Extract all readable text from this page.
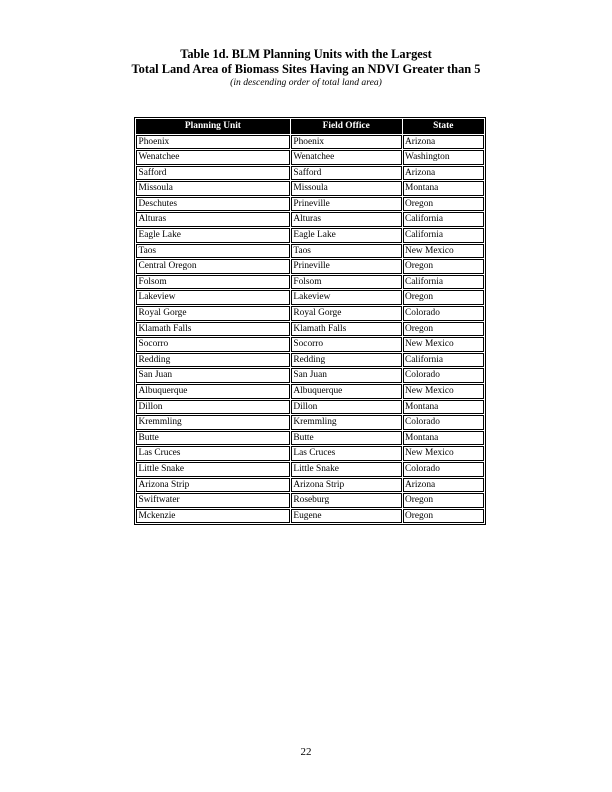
Table 1d. BLM Planning Units with the Largest
Total Land Area of Biomass Sites Having an NDVI Greater than 5
(in descending order of total land area)
Planning Unit	Field Office	State
Phoenix	Phoenix	Arizona
Wenatchee	Wenatchee	Washington
Safford	Safford	Arizona
Missoula	Missoula	Montana
Deschutes	Prineville	Oregon
Alturas	Alturas	California
Eagle Lake	Eagle Lake	California
Taos	Taos	New Mexico
Central Oregon	Prineville	Oregon
Folsom	Folsom	California
Lakeview	Lakeview	Oregon
Royal Gorge	Royal Gorge	Colorado
Klamath Falls	Klamath Falls	Oregon
Socorro	Socorro	New Mexico
Redding	Redding	California
San Juan	San Juan	Colorado
Albuquerque	Albuquerque	New Mexico
Dillon	Dillon	Montana
Kremmling	Kremmling	Colorado
Butte	Butte	Montana
Las Cruces	Las Cruces	New Mexico
Little Snake	Little Snake	Colorado
Arizona Strip	Arizona Strip	Arizona
Swiftwater	Roseburg	Oregon
Mckenzie	Eugene	Oregon
22
